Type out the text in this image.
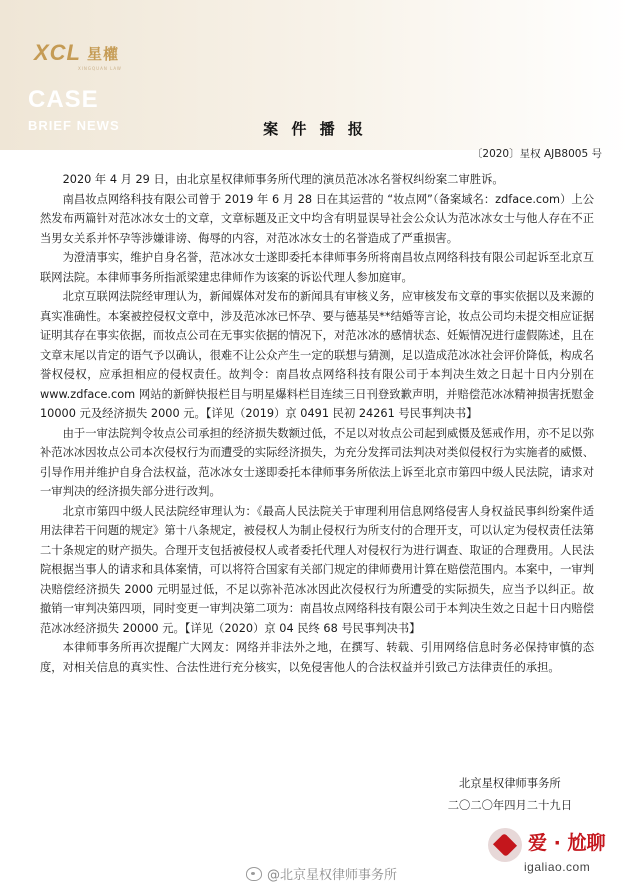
XCL 星權
XINGQUAN LAW
CASE
BRIEF NEWS	案 件 播 报
〔2020〕星权 AJB8005 号

2020 年 4 月 29 日，由北京星权律师事务所代理的演员范冰冰名誉权纠纷案二审胜诉。

南昌妆点网络科技有限公司曾于 2019 年 6 月 28 日在其运营的 “妆点网”（备案域名：zdface.com）上公然发布两篇针对范冰冰女士的文章，文章标题及正文中均含有明显误导社会公众认为范冰冰女士与他人存在不正当男女关系并怀孕等涉嫌诽谤、侮辱的内容，对范冰冰女士的名誉造成了严重损害。

为澄清事实，维护自身名誉，范冰冰女士遂即委托本律师事务所将南昌妆点网络科技有限公司起诉至北京互联网法院。本律师事务所指派梁建忠律师作为该案的诉讼代理人参加庭审。

北京互联网法院经审理认为，新闻媒体对发布的新闻具有审核义务，应审核发布文章的事实依据以及来源的真实准确性。本案被控侵权文章中，涉及范冰冰已怀孕、要与德基吴**结婚等言论，妆点公司均未提交相应证据证明其存在事实依据，而妆点公司在无事实依据的情况下，对范冰冰的感情状态、妊娠情况进行虚假陈述，且在文章末尾以肯定的语气予以确认，很难不让公众产生一定的联想与猜测，足以造成范冰冰社会评价降低，构成名誉权侵权，应承担相应的侵权责任。故判令：南昌妆点网络科技有限公司于本判决生效之日起十日内分别在 www.zdface.com 网站的新鲜快报栏目与明星爆料栏目连续三日刊登致歉声明，并赔偿范冰冰精神损害抚慰金 10000 元及经济损失 2000 元。【详见（2019）京 0491 民初 24261 号民事判决书】

由于一审法院判令妆点公司承担的经济损失数额过低，不足以对妆点公司起到威慑及惩戒作用，亦不足以弥补范冰冰因妆点公司本次侵权行为而遭受的实际经济损失，为充分发挥司法判决对类似侵权行为实施者的威慑、引导作用并维护自身合法权益，范冰冰女士遂即委托本律师事务所依法上诉至北京市第四中级人民法院，请求对一审判决的经济损失部分进行改判。

北京市第四中级人民法院经审理认为：《最高人民法院关于审理利用信息网络侵害人身权益民事纠纷案件适用法律若干问题的规定》第十八条规定，被侵权人为制止侵权行为所支付的合理开支，可以认定为侵权责任法第二十条规定的财产损失。合理开支包括被侵权人或者委托代理人对侵权行为进行调查、取证的合理费用。人民法院根据当事人的请求和具体案情，可以将符合国家有关部门规定的律师费用计算在赔偿范围内。本案中，一审判决赔偿经济损失 2000 元明显过低，不足以弥补范冰冰因此次侵权行为所遭受的实际损失，应当予以纠正。故撤销一审判决第四项，同时变更一审判决第二项为：南昌妆点网络科技有限公司于本判决生效之日起十日内赔偿范冰冰经济损失 20000 元。【详见（2020）京 04 民终 68 号民事判决书】

本律师事务所再次提醒广大网友：网络并非法外之地，在撰写、转载、引用网络信息时务必保持审慎的态度，对相关信息的真实性、合法性进行充分核实，以免侵害他人的合法权益并引致己方法律责任的承担。

北京星权律师事务所
二〇二〇年四月二十九日
@北京星权律师事务所
爱 · 尬聊
igaliao.com
